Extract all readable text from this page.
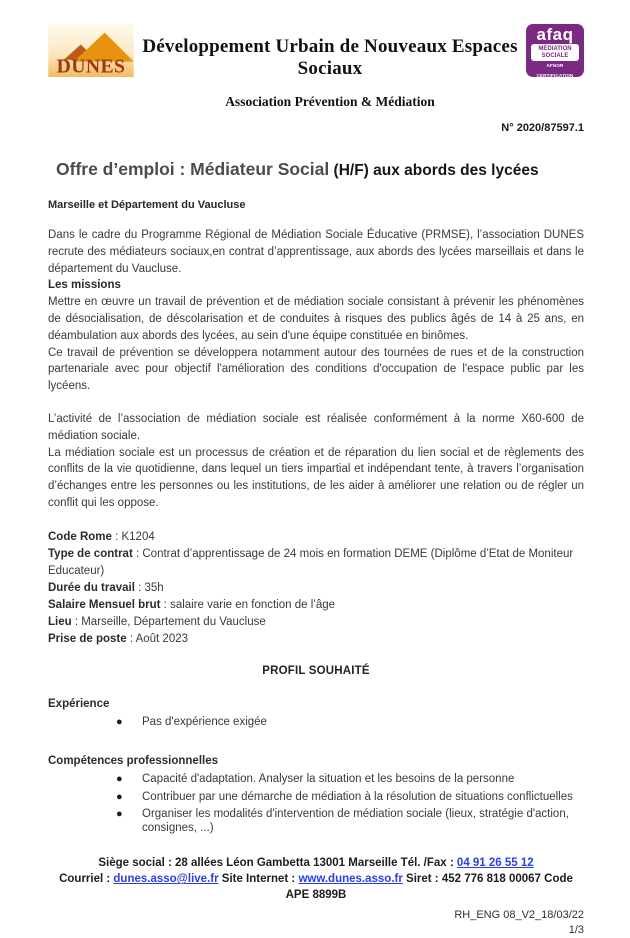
DUNES
Développement Urbain de Nouveaux Espaces Sociaux
Association Prévention & Médiation
afaq
MÉDIATION
SOCIALE
AFNOR CERTIFICATION
N° 2020/87597.1
Offre d’emploi : Médiateur Social (H/F) aux abords des lycées
Marseille et Département du Vaucluse

Dans le cadre du Programme Régional de Médiation Sociale Éducative (PRMSE), l’association DUNES recrute des médiateurs sociaux,en contrat d’apprentissage, aux abords des lycées marseillais et dans le département du Vaucluse.

Les missions

Mettre en œuvre un travail de prévention et de médiation sociale consistant à prévenir les phénomènes de désocialisation, de déscolarisation et de conduites à risques des publics âgés de 14 à 25 ans, en déambulation aux abords des lycées, au sein d'une équipe constituée en binômes.

Ce travail de prévention se développera notamment autour des tournées de rues et de la construction partenariale avec pour objectif l'amélioration des conditions d'occupation de l'espace public par les lycéens.

L’activité de l’association de médiation sociale est réalisée conformément à la norme X60-600 de médiation sociale.

La médiation sociale est un processus de création et de réparation du lien social et de règlements des conflits de la vie quotidienne, dans lequel un tiers impartial et indépendant tente, à travers l’organisation d’échanges entre les personnes ou les institutions, de les aider à améliorer une relation ou de régler un conflit qui les oppose.

Code Rome : K1204
Type de contrat : Contrat d’apprentissage de 24 mois en formation DEME (Diplôme d’Etat de Moniteur Educateur)
Durée du travail : 35h
Salaire Mensuel brut : salaire varie en fonction de l’âge
Lieu : Marseille, Département du Vaucluse
Prise de poste : Août 2023
PROFIL SOUHAITÉ
Expérience
●	Pas d'expérience exigée
Compétences professionnelles
●	Capacité d'adaptation. Analyser la situation et les besoins de la personne
●	Contribuer par une démarche de médiation à la résolution de situations conflictuelles
●	Organiser les modalités d'intervention de médiation sociale (lieux, stratégie d'action, consignes, ...)
Siège social : 28 allées Léon Gambetta 13001 Marseille Tél. /Fax : 04 91 26 55 12
Courriel : dunes.asso@live.fr Site Internet : www.dunes.asso.fr Siret : 452 776 818 00067 Code APE 8899B
RH_ENG 08_V2_18/03/22
1/3
